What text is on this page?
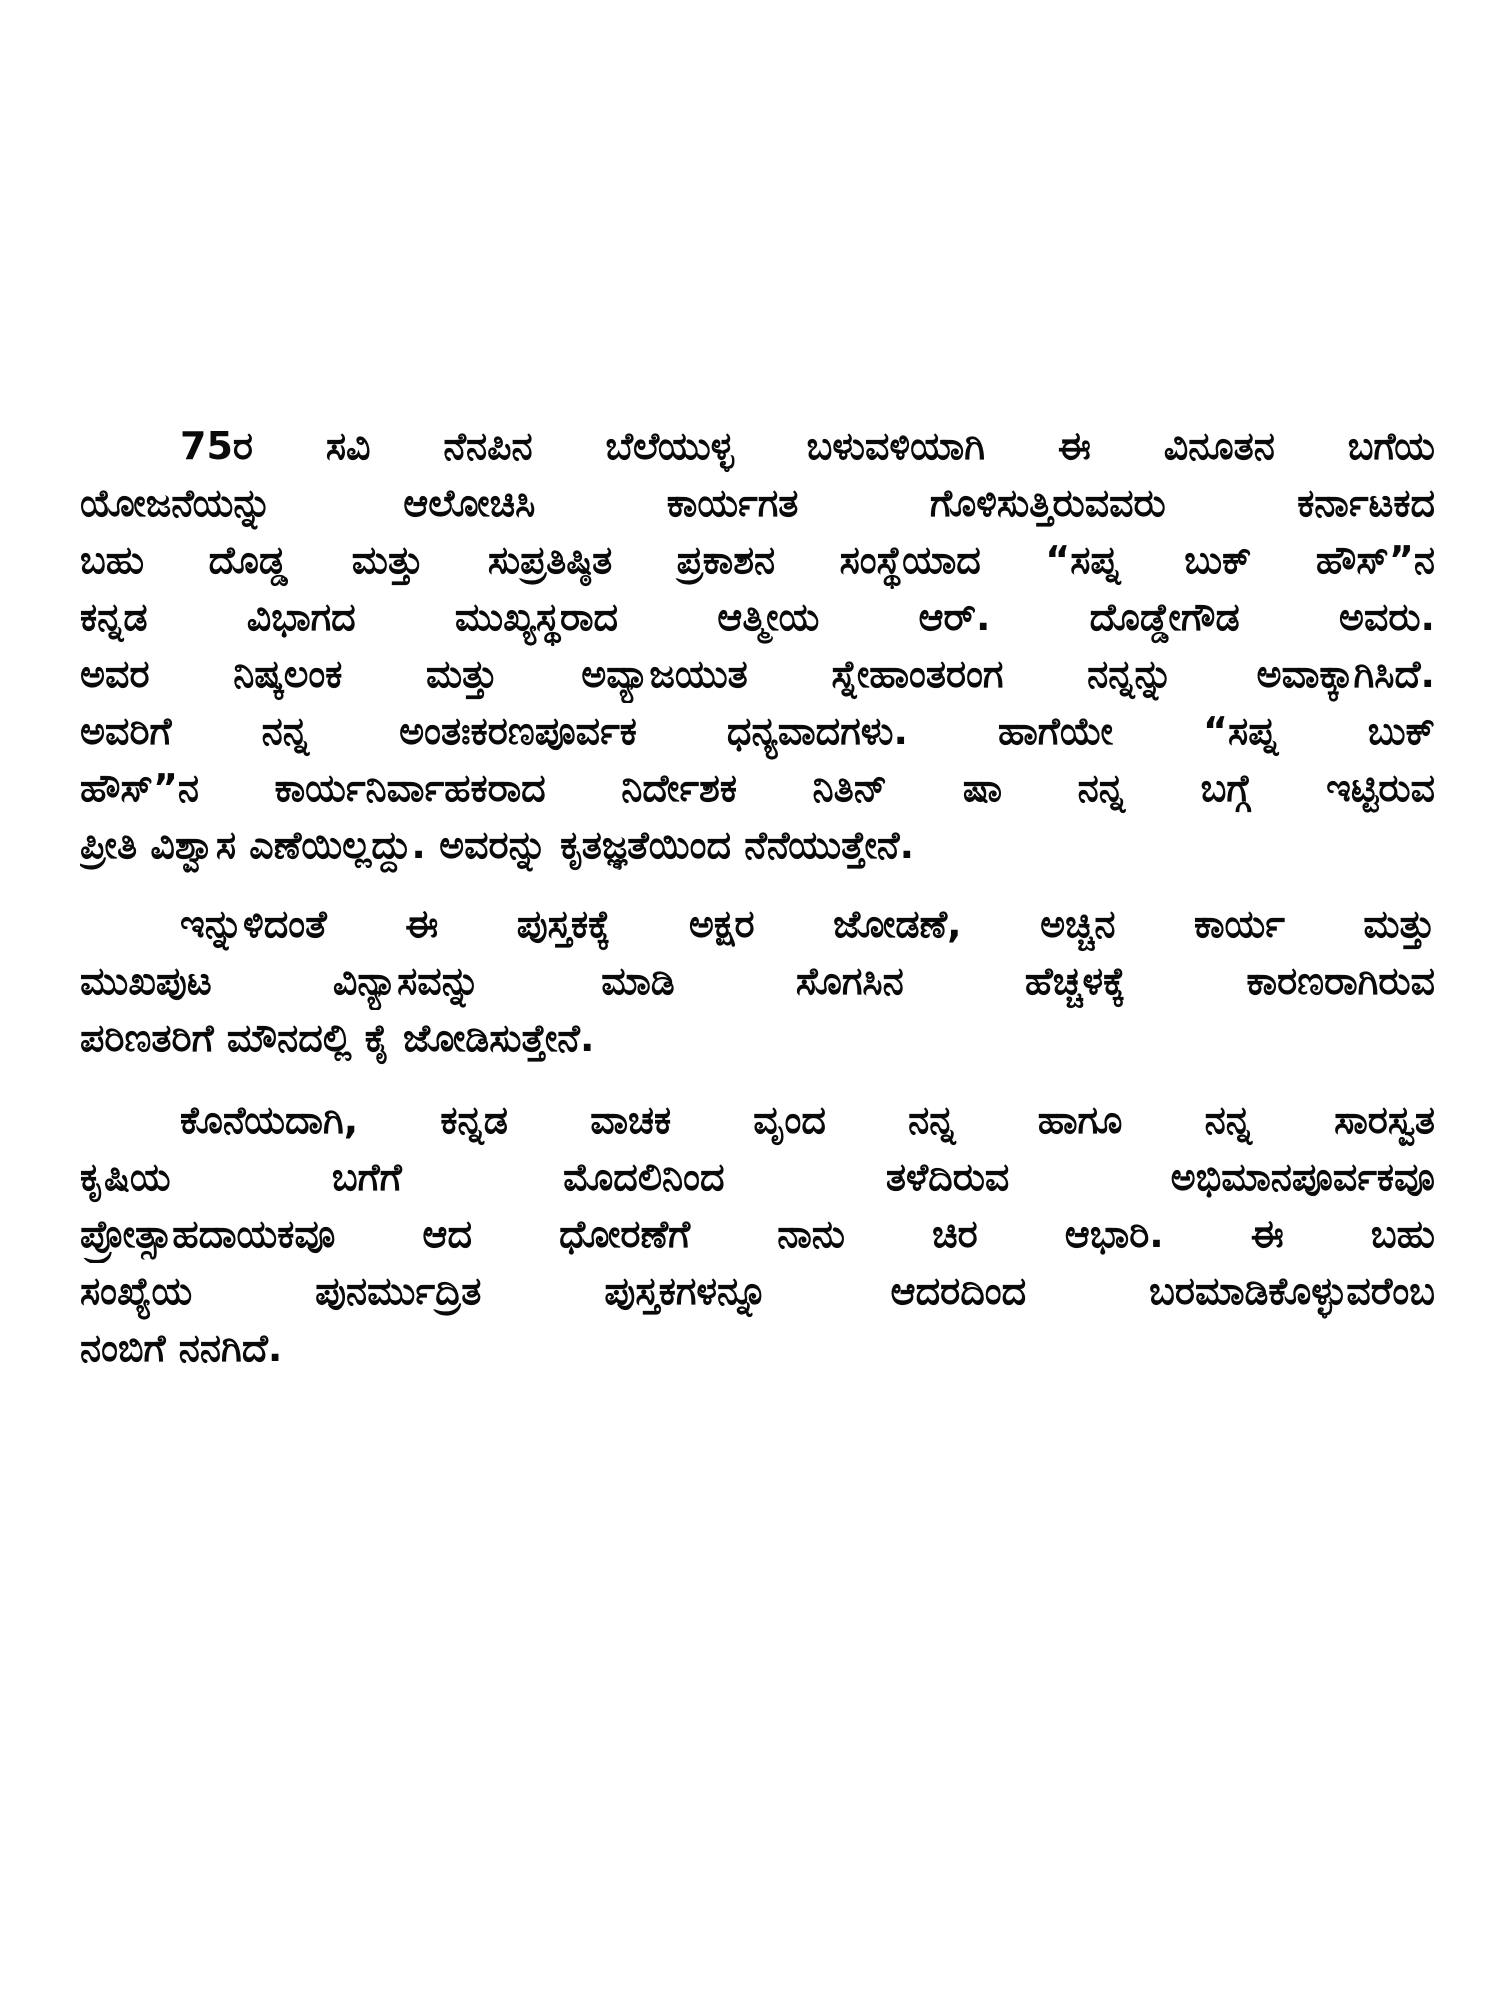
75ರ ಸವಿ ನೆನಪಿನ ಬೆಲೆಯುಳ್ಳ ಬಳುವಳಿಯಾಗಿ ಈ ವಿನೂತನ ಬಗೆಯ
ಯೋಜನೆಯನ್ನು ಆಲೋಚಿಸಿ ಕಾರ್ಯಗತ ಗೊಳಿಸುತ್ತಿರುವವರು ಕರ್ನಾಟಕದ
ಬಹು ದೊಡ್ಡ ಮತ್ತು ಸುಪ್ರತಿಷ್ಠಿತ ಪ್ರಕಾಶನ ಸಂಸ್ಥೆಯಾದ “ಸಪ್ನ ಬುಕ್ ಹೌಸ್”ನ
ಕನ್ನಡ ವಿಭಾಗದ ಮುಖ್ಯಸ್ಥರಾದ ಆತ್ಮೀಯ ಆರ್. ದೊಡ್ಡೇಗೌಡ ಅವರು.
ಅವರ ನಿಷ್ಕಲಂಕ ಮತ್ತು ಅವ್ಯಾಜಯುತ ಸ್ನೇಹಾಂತರಂಗ ನನ್ನನ್ನು ಅವಾಕ್ಕಾಗಿಸಿದೆ.
ಅವರಿಗೆ ನನ್ನ ಅಂತಃಕರಣಪೂರ್ವಕ ಧನ್ಯವಾದಗಳು. ಹಾಗೆಯೇ “ಸಪ್ನ ಬುಕ್
ಹೌಸ್”ನ ಕಾರ್ಯನಿರ್ವಾಹಕರಾದ ನಿರ್ದೇಶಕ ನಿತಿನ್ ಷಾ ನನ್ನ ಬಗ್ಗೆ ಇಟ್ಟಿರುವ
ಪ್ರೀತಿ ವಿಶ್ವಾಸ ಎಣೆಯಿಲ್ಲದ್ದು. ಅವರನ್ನು ಕೃತಜ್ಞತೆಯಿಂದ ನೆನೆಯುತ್ತೇನೆ.
ಇನ್ನುಳಿದಂತೆ ಈ ಪುಸ್ತಕಕ್ಕೆ ಅಕ್ಷರ ಜೋಡಣೆ, ಅಚ್ಚಿನ ಕಾರ್ಯ ಮತ್ತು
ಮುಖಪುಟ ವಿನ್ಯಾಸವನ್ನು ಮಾಡಿ ಸೊಗಸಿನ ಹೆಚ್ಚಳಕ್ಕೆ ಕಾರಣರಾಗಿರುವ
ಪರಿಣತರಿಗೆ ಮೌನದಲ್ಲಿ ಕೈ ಜೋಡಿಸುತ್ತೇನೆ.
ಕೊನೆಯದಾಗಿ, ಕನ್ನಡ ವಾಚಕ ವೃಂದ ನನ್ನ ಹಾಗೂ ನನ್ನ ಸಾರಸ್ವತ
ಕೃಷಿಯ ಬಗೆಗೆ ಮೊದಲಿನಿಂದ ತಳೆದಿರುವ ಅಭಿಮಾನಪೂರ್ವಕವೂ
ಪ್ರೋತ್ಸಾಹದಾಯಕವೂ ಆದ ಧೋರಣೆಗೆ ನಾನು ಚಿರ ಆಭಾರಿ. ಈ ಬಹು
ಸಂಖ್ಯೆಯ ಪುನರ್ಮುದ್ರಿತ ಪುಸ್ತಕಗಳನ್ನೂ ಆದರದಿಂದ ಬರಮಾಡಿಕೊಳ್ಳುವರೆಂಬ
ನಂಬಿಗೆ ನನಗಿದೆ.
